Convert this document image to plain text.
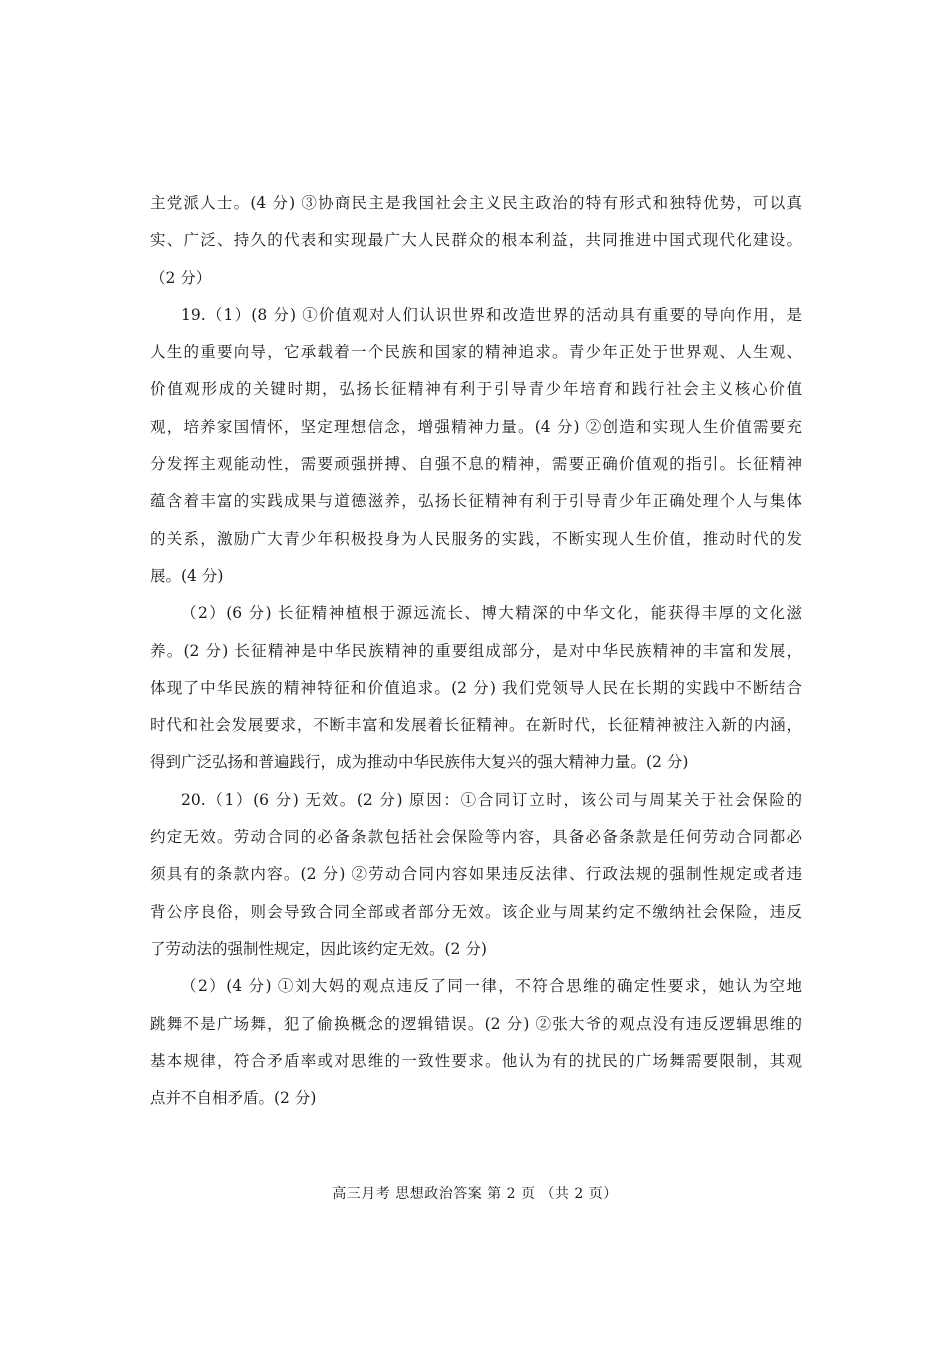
主党派人士。(4 分) ③协商民主是我国社会主义民主政治的特有形式和独特优势，可以真
实、广泛、持久的代表和实现最广大人民群众的根本利益，共同推进中国式现代化建设。
（2 分）
19.（1）(8 分) ①价值观对人们认识世界和改造世界的活动具有重要的导向作用，是
人生的重要向导，它承载着一个民族和国家的精神追求。青少年正处于世界观、人生观、
价值观形成的关键时期，弘扬长征精神有利于引导青少年培育和践行社会主义核心价值
观，培养家国情怀，坚定理想信念，增强精神力量。(4 分) ②创造和实现人生价值需要充
分发挥主观能动性，需要顽强拼搏、自强不息的精神，需要正确价值观的指引。长征精神
蕴含着丰富的实践成果与道德滋养，弘扬长征精神有利于引导青少年正确处理个人与集体
的关系，激励广大青少年积极投身为人民服务的实践，不断实现人生价值，推动时代的发
展。(4 分)
（2）(6 分) 长征精神植根于源远流长、博大精深的中华文化，能获得丰厚的文化滋
养。(2 分) 长征精神是中华民族精神的重要组成部分，是对中华民族精神的丰富和发展，
体现了中华民族的精神特征和价值追求。(2 分) 我们党领导人民在长期的实践中不断结合
时代和社会发展要求，不断丰富和发展着长征精神。在新时代，长征精神被注入新的内涵，
得到广泛弘扬和普遍践行，成为推动中华民族伟大复兴的强大精神力量。(2 分)
20.（1）(6 分) 无效。(2 分) 原因：①合同订立时，该公司与周某关于社会保险的
约定无效。劳动合同的必备条款包括社会保险等内容，具备必备条款是任何劳动合同都必
须具有的条款内容。(2 分) ②劳动合同内容如果违反法律、行政法规的强制性规定或者违
背公序良俗，则会导致合同全部或者部分无效。该企业与周某约定不缴纳社会保险，违反
了劳动法的强制性规定，因此该约定无效。(2 分)
（2）(4 分) ①刘大妈的观点违反了同一律，不符合思维的确定性要求，她认为空地
跳舞不是广场舞，犯了偷换概念的逻辑错误。(2 分) ②张大爷的观点没有违反逻辑思维的
基本规律，符合矛盾率或对思维的一致性要求。他认为有的扰民的广场舞需要限制，其观
点并不自相矛盾。(2 分)
高三月考 思想政治答案 第 2 页 （共 2 页）
